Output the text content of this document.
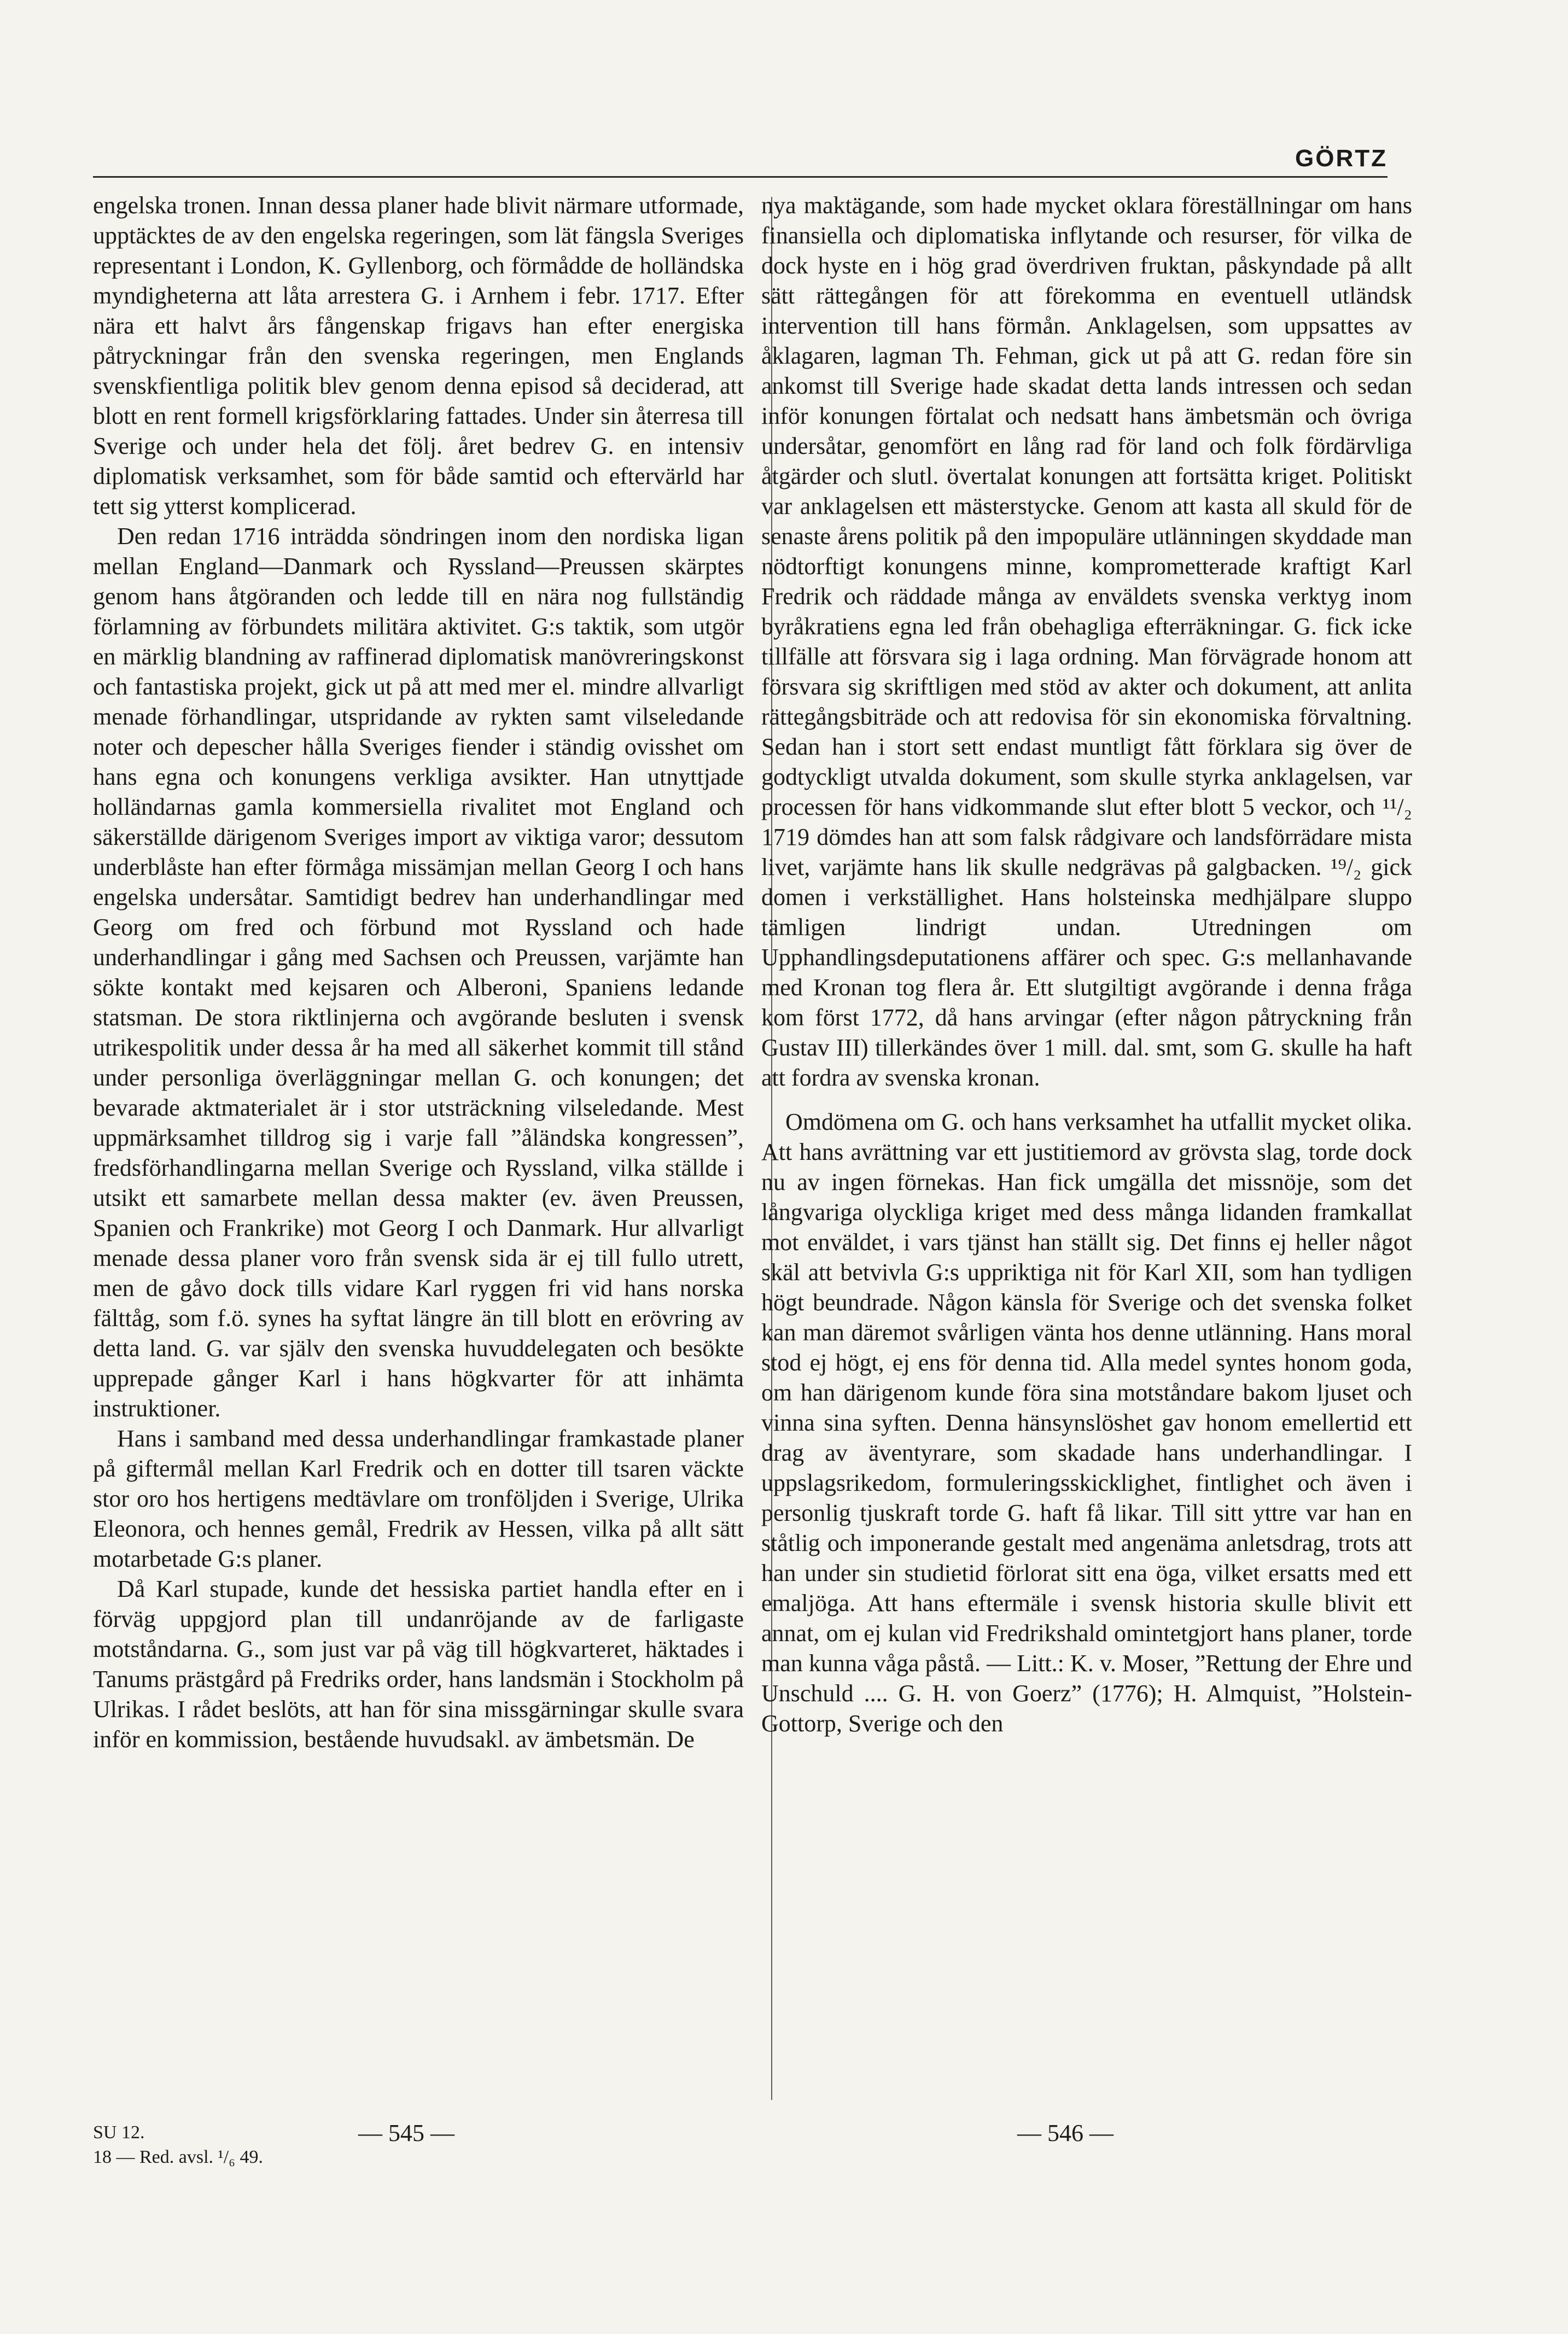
GÖRTZ

engelska tronen. Innan dessa planer hade blivit närmare utformade, upptäcktes de av den engelska regeringen, som lät fängsla Sveriges representant i London, K. Gyllenborg, och förmådde de holländska myndigheterna att låta arrestera G. i Arnhem i febr. 1717. Efter nära ett halvt års fångenskap frigavs han efter energiska påtryckningar från den svenska regeringen, men Englands svenskfientliga politik blev genom denna episod så deciderad, att blott en rent formell krigsförklaring fattades. Under sin återresa till Sverige och under hela det följ. året bedrev G. en intensiv diplomatisk verksamhet, som för både samtid och eftervärld har tett sig ytterst komplicerad.

Den redan 1716 inträdda söndringen inom den nordiska ligan mellan England—Danmark och Ryssland—Preussen skärptes genom hans åtgöranden och ledde till en nära nog fullständig förlamning av förbundets militära aktivitet. G:s taktik, som utgör en märklig blandning av raffinerad diplomatisk manövreringskonst och fantastiska projekt, gick ut på att med mer el. mindre allvarligt menade förhandlingar, utspridande av rykten samt vilseledande noter och depescher hålla Sveriges fiender i ständig ovisshet om hans egna och konungens verkliga avsikter. Han utnyttjade holländarnas gamla kommersiella rivalitet mot England och säkerställde därigenom Sveriges import av viktiga varor; dessutom underblåste han efter förmåga missämjan mellan Georg I och hans engelska undersåtar. Samtidigt bedrev han underhandlingar med Georg om fred och förbund mot Ryssland och hade underhandlingar i gång med Sachsen och Preussen, varjämte han sökte kontakt med kejsaren och Alberoni, Spaniens ledande statsman. De stora riktlinjerna och avgörande besluten i svensk utrikespolitik under dessa år ha med all säkerhet kommit till stånd under personliga överläggningar mellan G. och konungen; det bevarade aktmaterialet är i stor utsträckning vilseledande. Mest uppmärksamhet tilldrog sig i varje fall ”åländska kongressen”, fredsförhandlingarna mellan Sverige och Ryssland, vilka ställde i utsikt ett samarbete mellan dessa makter (ev. även Preussen, Spanien och Frankrike) mot Georg I och Danmark. Hur allvarligt menade dessa planer voro från svensk sida är ej till fullo utrett, men de gåvo dock tills vidare Karl ryggen fri vid hans norska fälttåg, som f.ö. synes ha syftat längre än till blott en erövring av detta land. G. var själv den svenska huvuddelegaten och besökte upprepade gånger Karl i hans högkvarter för att inhämta instruktioner.

Hans i samband med dessa underhandlingar framkastade planer på giftermål mellan Karl Fredrik och en dotter till tsaren väckte stor oro hos hertigens medtävlare om tronföljden i Sverige, Ulrika Eleonora, och hennes gemål, Fredrik av Hessen, vilka på allt sätt motarbetade G:s planer.

Då Karl stupade, kunde det hessiska partiet handla efter en i förväg uppgjord plan till undanröjande av de farligaste motståndarna. G., som just var på väg till högkvarteret, häktades i Tanums prästgård på Fredriks order, hans landsmän i Stockholm på Ulrikas. I rådet beslöts, att han för sina missgärningar skulle svara inför en kommission, bestående huvudsakl. av ämbetsmän. De

nya maktägande, som hade mycket oklara föreställningar om hans finansiella och diplomatiska inflytande och resurser, för vilka de dock hyste en i hög grad överdriven fruktan, påskyndade på allt sätt rättegången för att förekomma en eventuell utländsk intervention till hans förmån. Anklagelsen, som uppsattes av åklagaren, lagman Th. Fehman, gick ut på att G. redan före sin ankomst till Sverige hade skadat detta lands intressen och sedan inför konungen förtalat och nedsatt hans ämbetsmän och övriga undersåtar, genomfört en lång rad för land och folk fördärvliga åtgärder och slutl. övertalat konungen att fortsätta kriget. Politiskt var anklagelsen ett mästerstycke. Genom att kasta all skuld för de senaste årens politik på den impopuläre utlänningen skyddade man nödtorftigt konungens minne, komprometterade kraftigt Karl Fredrik och räddade många av enväldets svenska verktyg inom byråkratiens egna led från obehagliga efterräkningar. G. fick icke tillfälle att försvara sig i laga ordning. Man förvägrade honom att försvara sig skriftligen med stöd av akter och dokument, att anlita rättegångsbiträde och att redovisa för sin ekonomiska förvaltning. Sedan han i stort sett endast muntligt fått förklara sig över de godtyckligt utvalda dokument, som skulle styrka anklagelsen, var processen för hans vidkommande slut efter blott 5 veckor, och ¹¹/₂ 1719 dömdes han att som falsk rådgivare och landsförrädare mista livet, varjämte hans lik skulle nedgrävas på galgbacken. ¹⁹/₂ gick domen i verkställighet. Hans holsteinska medhjälpare sluppo tämligen lindrigt undan. Utredningen om Upphandlingsdeputationens affärer och spec. G:s mellanhavande med Kronan tog flera år. Ett slutgiltigt avgörande i denna fråga kom först 1772, då hans arvingar (efter någon påtryckning från Gustav III) tillerkändes över 1 mill. dal. smt, som G. skulle ha haft att fordra av svenska kronan.

Omdömena om G. och hans verksamhet ha utfallit mycket olika. Att hans avrättning var ett justitiemord av grövsta slag, torde dock nu av ingen förnekas. Han fick umgälla det missnöje, som det långvariga olyckliga kriget med dess många lidanden framkallat mot enväldet, i vars tjänst han ställt sig. Det finns ej heller något skäl att betvivla G:s uppriktiga nit för Karl XII, som han tydligen högt beundrade. Någon känsla för Sverige och det svenska folket kan man däremot svårligen vänta hos denne utlänning. Hans moral stod ej högt, ej ens för denna tid. Alla medel syntes honom goda, om han därigenom kunde föra sina motståndare bakom ljuset och vinna sina syften. Denna hänsynslöshet gav honom emellertid ett drag av äventyrare, som skadade hans underhandlingar. I uppslagsrikedom, formuleringsskicklighet, fintlighet och även i personlig tjuskraft torde G. haft få likar. Till sitt yttre var han en ståtlig och imponerande gestalt med angenäma anletsdrag, trots att han under sin studietid förlorat sitt ena öga, vilket ersatts med ett emaljöga. Att hans eftermäle i svensk historia skulle blivit ett annat, om ej kulan vid Fredrikshald omintetgjort hans planer, torde man kunna våga påstå. — Litt.: K. v. Moser, ”Rettung der Ehre und Unschuld .... G. H. von Goerz” (1776); H. Almquist, ”Holstein-Gottorp, Sverige och den

SU 12.
18 — Red. avsl. ¹/₆ 49.
— 545 —	— 546 —
